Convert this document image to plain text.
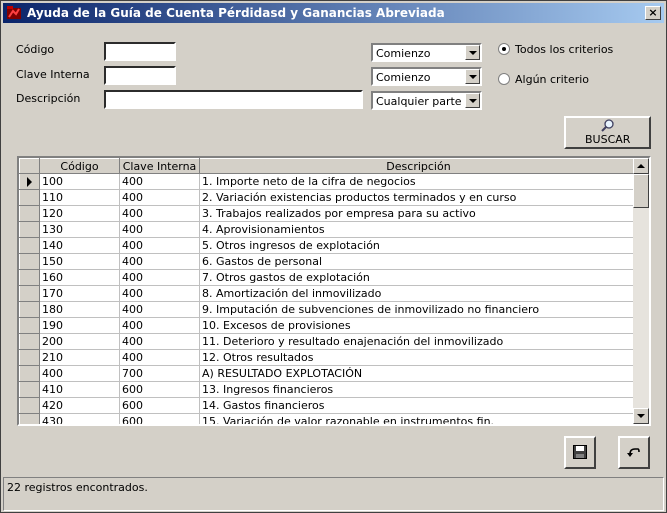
Ayuda de la Guía de Cuenta Pérdidasd y Ganancias Abreviada	×
Código
Clave Interna
Descripción
Comienzo
Comienzo
Cualquier parte
Todos los criterios
Algún criterio
BUSCAR
	Código	Clave Interna	Descripción

	100	400	1. Importe neto de la cifra de negocios
	110	400	2. Variación existencias productos terminados y en curso
	120	400	3. Trabajos realizados por empresa para su activo
	130	400	4. Aprovisionamientos
	140	400	5. Otros ingresos de explotación
	150	400	6. Gastos de personal
	160	400	7. Otros gastos de explotación
	170	400	8. Amortización del inmovilizado
	180	400	9. Imputación de subvenciones de inmovilizado no financiero
	190	400	10. Excesos de provisiones
	200	400	11. Deterioro y resultado enajenación del inmovilizado
	210	400	12. Otros resultados
	400	700	A) RESULTADO EXPLOTACIÓN
	410	600	13. Ingresos financieros
	420	600	14. Gastos financieros
	430	600	15. Variación de valor razonable en instrumentos fin.
22 registros encontrados.
